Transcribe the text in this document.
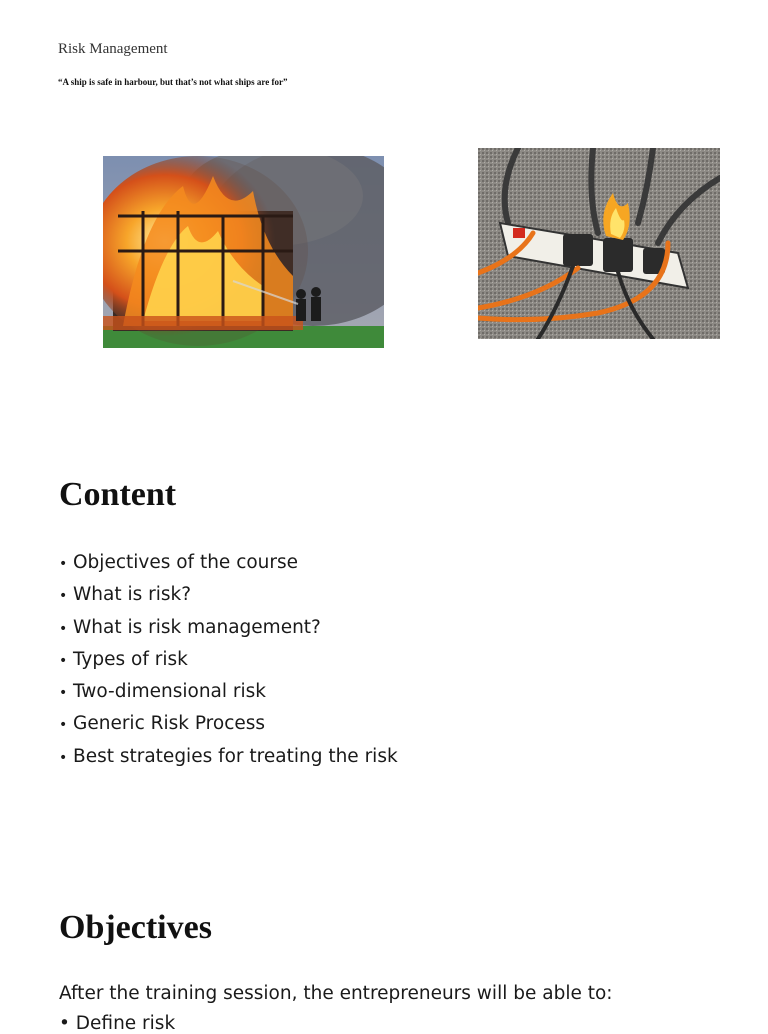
Risk Management
“A ship is safe in harbour, but that’s not what ships are for”
Content
• Objectives of the course
• What is risk?
• What is risk management?
• Types of risk
• Two-dimensional risk
• Generic Risk Process
• Best strategies for treating the risk
Objectives
After the training session, the entrepreneurs will be able to:
• Define risk
